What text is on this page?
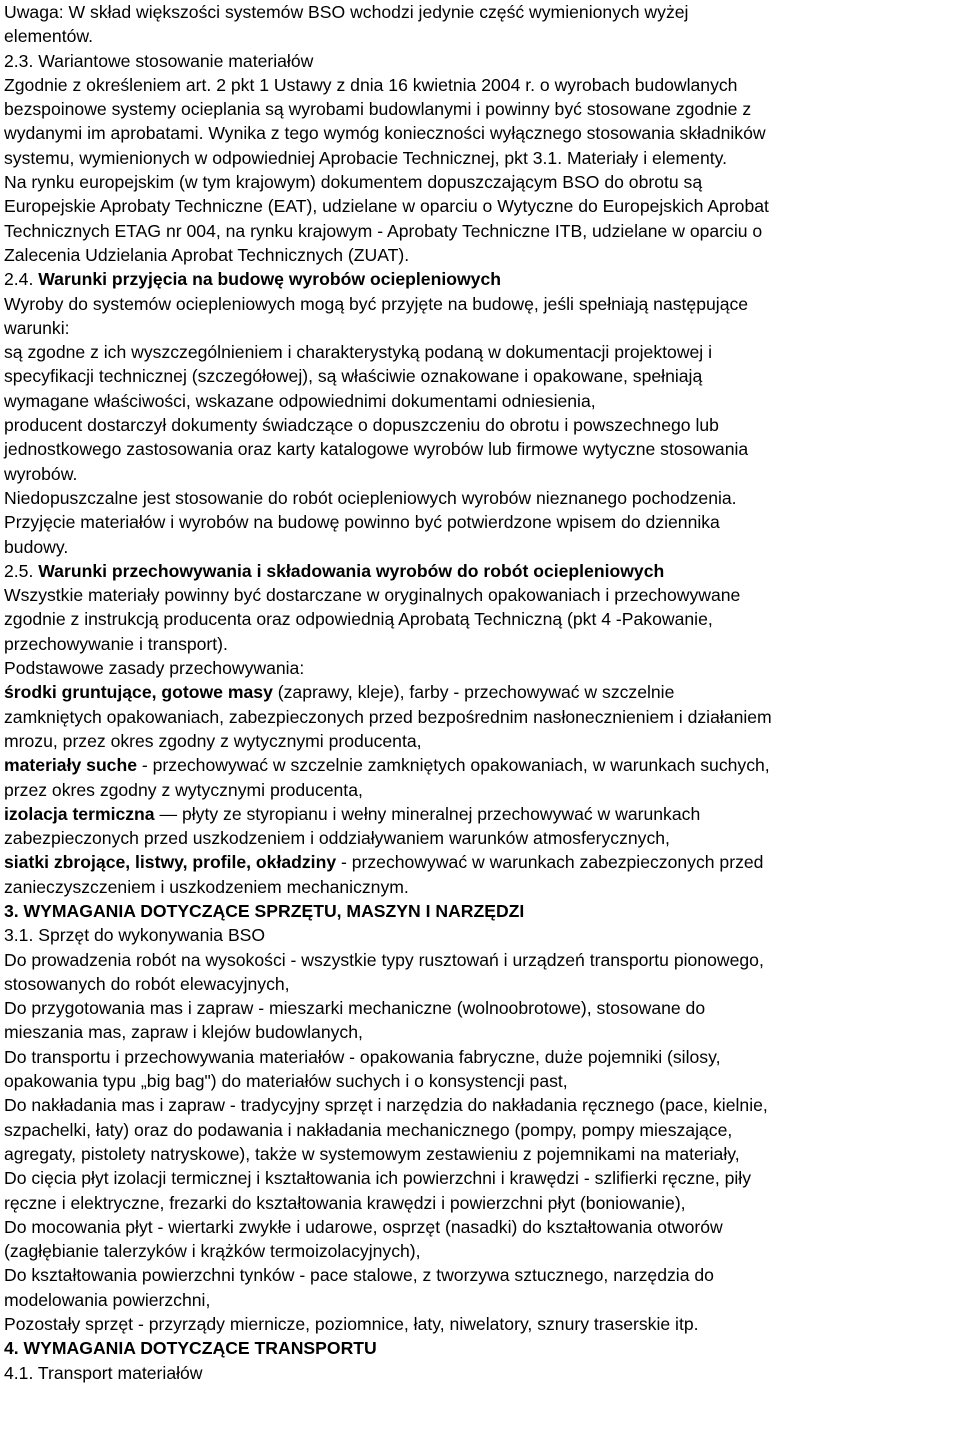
Uwaga: W skład większości systemów BSO wchodzi jedynie część wymienionych wyżej

elementów.

2.3. Wariantowe stosowanie materiałów

Zgodnie z określeniem art. 2 pkt 1 Ustawy z dnia 16 kwietnia 2004 r. o wyrobach budowlanych

bezspoinowe systemy ocieplania są wyrobami budowlanymi i powinny być stosowane zgodnie z

wydanymi im aprobatami. Wynika z tego wymóg konieczności wyłącznego stosowania składników

systemu, wymienionych w odpowiedniej Aprobacie Technicznej, pkt 3.1. Materiały i elementy.

Na rynku europejskim (w tym krajowym) dokumentem dopuszczającym BSO do obrotu są

Europejskie Aprobaty Techniczne (EAT), udzielane w oparciu o Wytyczne do Europejskich Aprobat

Technicznych ETAG nr 004, na rynku krajowym - Aprobaty Techniczne ITB, udzielane w oparciu o

Zalecenia Udzielania Aprobat Technicznych (ZUAT).

2.4. Warunki przyjęcia na budowę wyrobów ociepleniowych

Wyroby do systemów ociepleniowych mogą być przyjęte na budowę, jeśli spełniają następujące

warunki:

są zgodne z ich wyszczególnieniem i charakterystyką podaną w dokumentacji projektowej i

specyfikacji technicznej (szczegółowej), są właściwie oznakowane i opakowane, spełniają

wymagane właściwości, wskazane odpowiednimi dokumentami odniesienia,

producent dostarczył dokumenty świadczące o dopuszczeniu do obrotu i powszechnego lub

jednostkowego zastosowania oraz karty katalogowe wyrobów lub firmowe wytyczne stosowania

wyrobów.

Niedopuszczalne jest stosowanie do robót ociepleniowych wyrobów nieznanego pochodzenia.

Przyjęcie materiałów i wyrobów na budowę powinno być potwierdzone wpisem do dziennika

budowy.

2.5. Warunki przechowywania i składowania wyrobów do robót ociepleniowych

Wszystkie materiały powinny być dostarczane w oryginalnych opakowaniach i przechowywane

zgodnie z instrukcją producenta oraz odpowiednią Aprobatą Techniczną (pkt 4 -Pakowanie,

przechowywanie i transport).

Podstawowe zasady przechowywania:

środki gruntujące, gotowe masy (zaprawy, kleje), farby - przechowywać w szczelnie

zamkniętych opakowaniach, zabezpieczonych przed bezpośrednim nasłonecznieniem i działaniem

mrozu, przez okres zgodny z wytycznymi producenta,

materiały suche - przechowywać w szczelnie zamkniętych opakowaniach, w warunkach suchych,

przez okres zgodny z wytycznymi producenta,

izolacja termiczna — płyty ze styropianu i wełny mineralnej przechowywać w warunkach

zabezpieczonych przed uszkodzeniem i oddziaływaniem warunków atmosferycznych,

siatki zbrojące, listwy, profile, okładziny - przechowywać w warunkach zabezpieczonych przed

zanieczyszczeniem i uszkodzeniem mechanicznym.

3. WYMAGANIA DOTYCZĄCE SPRZĘTU, MASZYN I NARZĘDZI

3.1. Sprzęt do wykonywania BSO

Do prowadzenia robót na wysokości - wszystkie typy rusztowań i urządzeń transportu pionowego,

stosowanych do robót elewacyjnych,

Do przygotowania mas i zapraw - mieszarki mechaniczne (wolnoobrotowe), stosowane do

mieszania mas, zapraw i klejów budowlanych,

Do transportu i przechowywania materiałów - opakowania fabryczne, duże pojemniki (silosy,

opakowania typu „big bag") do materiałów suchych i o konsystencji past,

Do nakładania mas i zapraw - tradycyjny sprzęt i narzędzia do nakładania ręcznego (pace, kielnie,

szpachelki, łaty) oraz do podawania i nakładania mechanicznego (pompy, pompy mieszające,

agregaty, pistolety natryskowe), także w systemowym zestawieniu z pojemnikami na materiały,

Do cięcia płyt izolacji termicznej i kształtowania ich powierzchni i krawędzi - szlifierki ręczne, piły

ręczne i elektryczne, frezarki do kształtowania krawędzi i powierzchni płyt (boniowanie),

Do mocowania płyt - wiertarki zwykłe i udarowe, osprzęt (nasadki) do kształtowania otworów

(zagłębianie talerzyków i krążków termoizolacyjnych),

Do kształtowania powierzchni tynków - pace stalowe, z tworzywa sztucznego, narzędzia do

modelowania powierzchni,

Pozostały sprzęt - przyrządy miernicze, poziomnice, łaty, niwelatory, sznury traserskie itp.

4. WYMAGANIA DOTYCZĄCE TRANSPORTU

4.1. Transport materiałów
